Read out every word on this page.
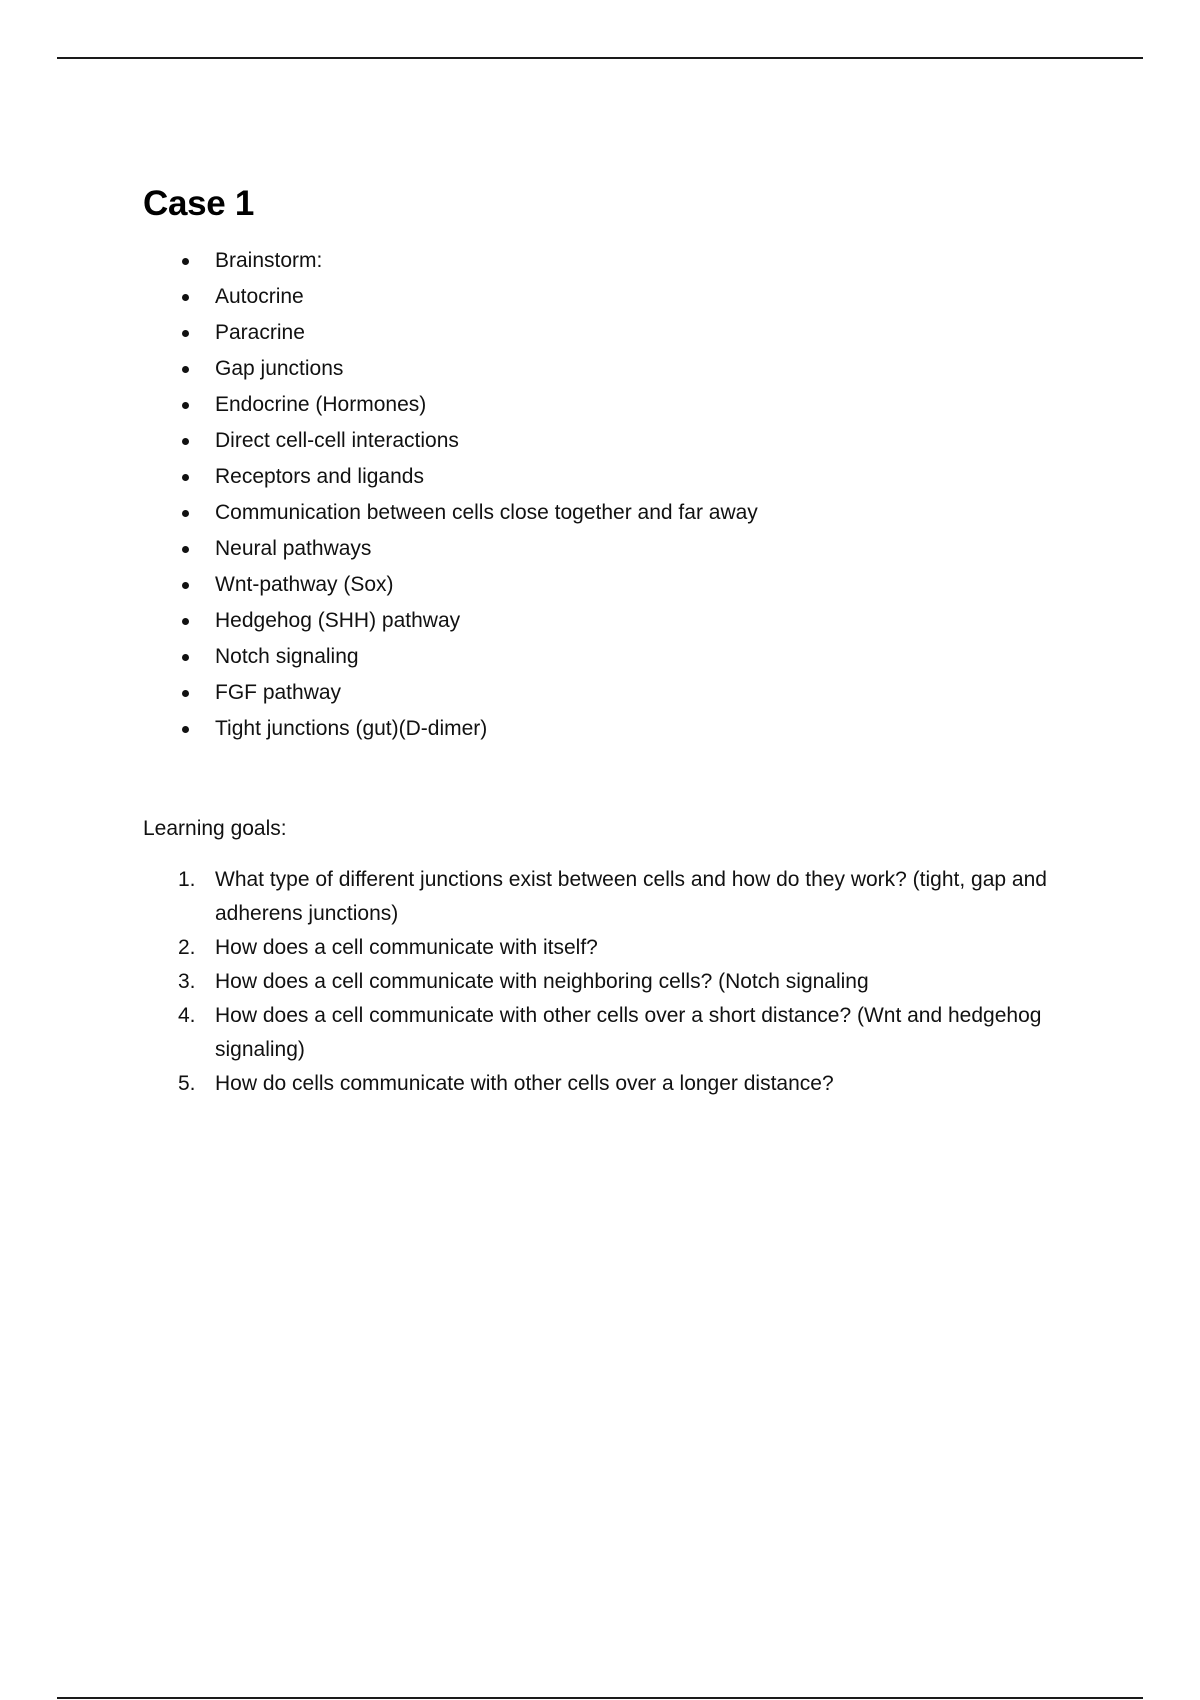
Case 1
Brainstorm:
Autocrine
Paracrine
Gap junctions
Endocrine (Hormones)
Direct cell-cell interactions
Receptors and ligands
Communication between cells close together and far away
Neural pathways
Wnt-pathway (Sox)
Hedgehog (SHH) pathway
Notch signaling
FGF pathway
Tight junctions (gut)(D-dimer)
Learning goals:
1. What type of different junctions exist between cells and how do they work? (tight, gap and adherens junctions)
2. How does a cell communicate with itself?
3. How does a cell communicate with neighboring cells? (Notch signaling
4. How does a cell communicate with other cells over a short distance? (Wnt and hedgehog signaling)
5. How do cells communicate with other cells over a longer distance?
